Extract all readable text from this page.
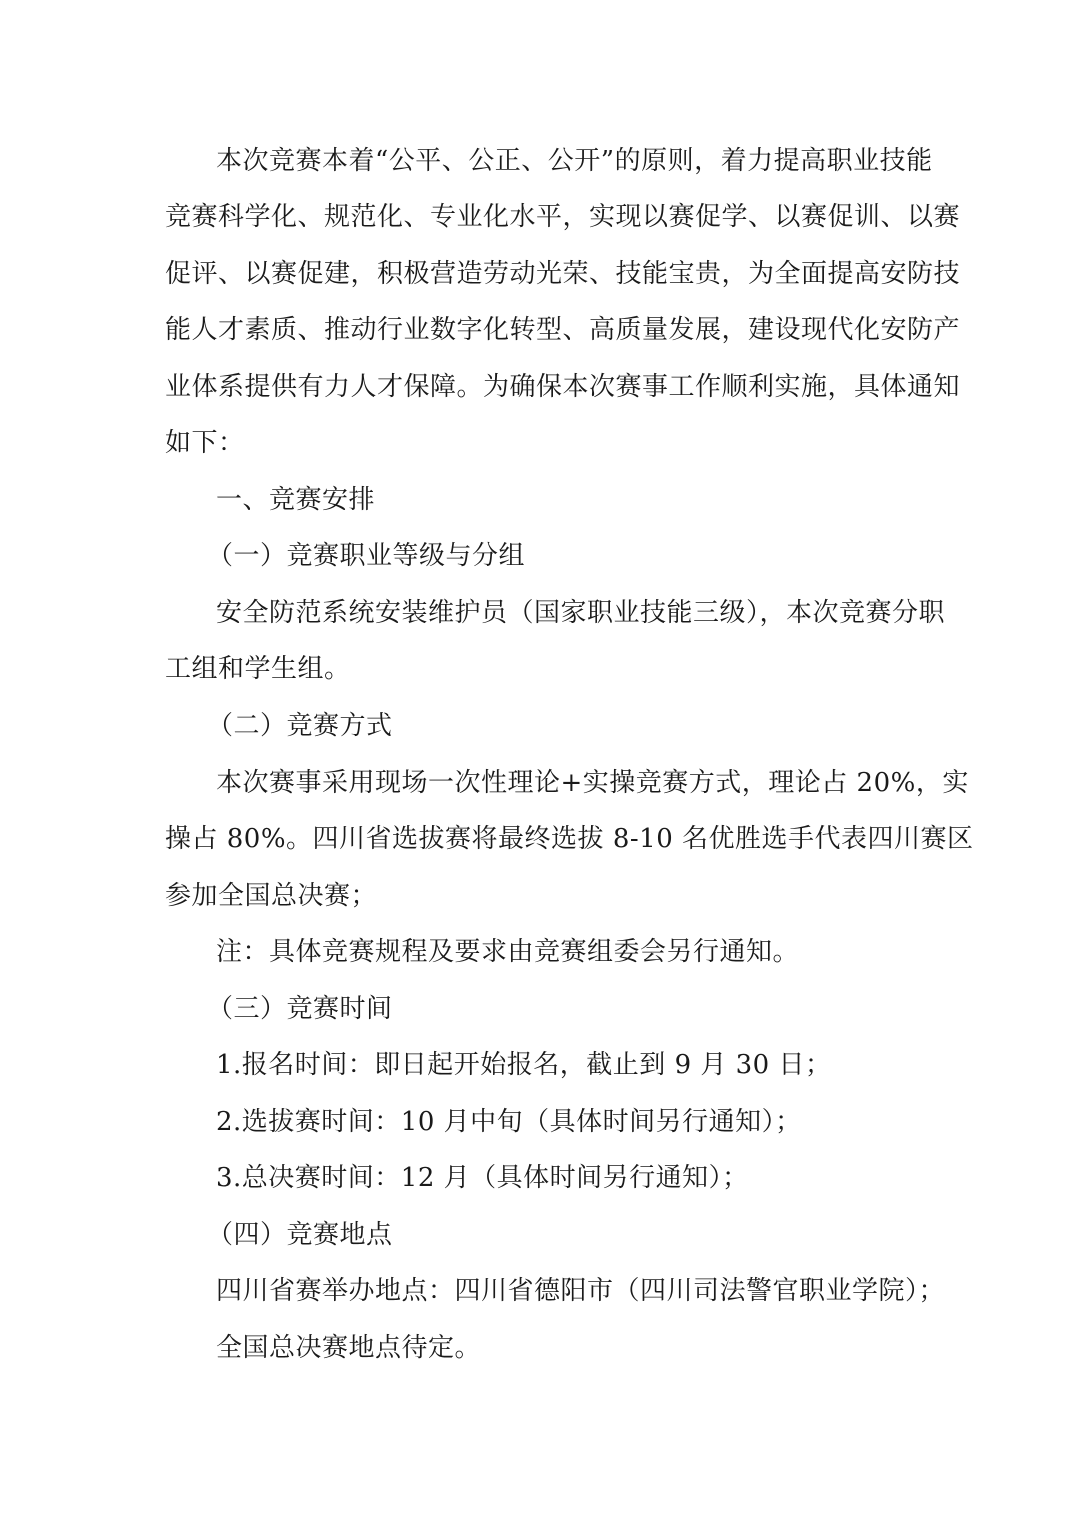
本次竞赛本着“公平、公正、公开”的原则，着力提高职业技能
竞赛科学化、规范化、专业化水平，实现以赛促学、以赛促训、以赛
促评、以赛促建，积极营造劳动光荣、技能宝贵，为全面提高安防技
能人才素质、推动行业数字化转型、高质量发展，建设现代化安防产
业体系提供有力人才保障。为确保本次赛事工作顺利实施，具体通知
如下：
一、竞赛安排
（一）竞赛职业等级与分组
安全防范系统安装维护员（国家职业技能三级），本次竞赛分职
工组和学生组。
（二）竞赛方式
本次赛事采用现场一次性理论+实操竞赛方式，理论占 20%，实
操占 80%。四川省选拔赛将最终选拔 8-10 名优胜选手代表四川赛区
参加全国总决赛；
注：具体竞赛规程及要求由竞赛组委会另行通知。
（三）竞赛时间
1.报名时间：即日起开始报名，截止到 9 月 30 日；
2.选拔赛时间：10 月中旬（具体时间另行通知）；
3.总决赛时间：12 月（具体时间另行通知）；
（四）竞赛地点
四川省赛举办地点：四川省德阳市（四川司法警官职业学院）；
全国总决赛地点待定。
